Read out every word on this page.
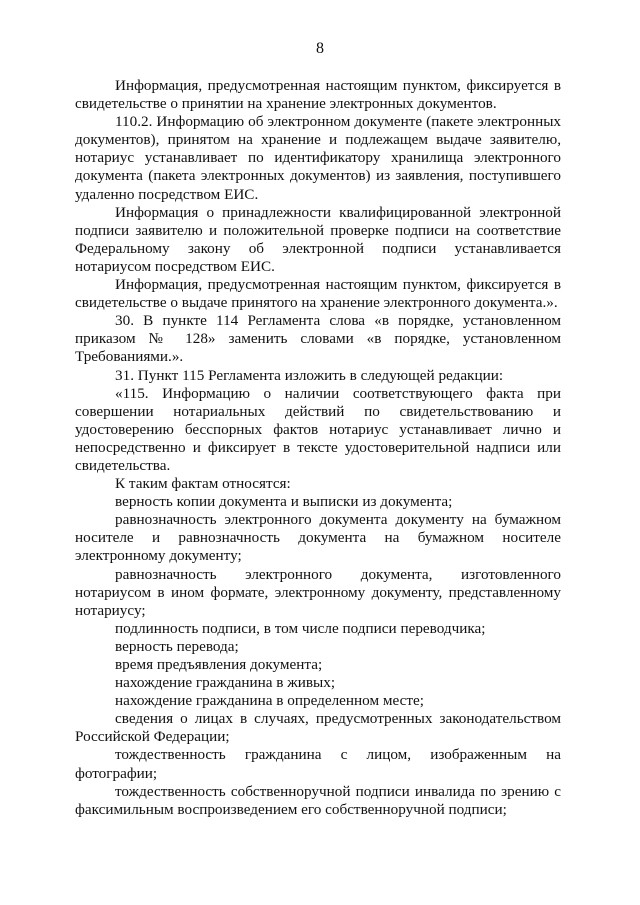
8

Информация, предусмотренная настоящим пунктом, фиксируется в свидетельстве о принятии на хранение электронных документов.

110.2. Информацию об электронном документе (пакете электронных документов), принятом на хранение и подлежащем выдаче заявителю, нотариус устанавливает по идентификатору хранилища электронного документа (пакета электронных документов) из заявления, поступившего удаленно посредством ЕИС.

Информация о принадлежности квалифицированной электронной подписи заявителю и положительной проверке подписи на соответствие Федеральному закону об электронной подписи устанавливается нотариусом посредством ЕИС.

Информация, предусмотренная настоящим пунктом, фиксируется в свидетельстве о выдаче принятого на хранение электронного документа.».

30. В пункте 114 Регламента слова «в порядке, установленном приказом № 128» заменить словами «в порядке, установленном Требованиями.».

31. Пункт 115 Регламента изложить в следующей редакции:

«115. Информацию о наличии соответствующего факта при совершении нотариальных действий по свидетельствованию и удостоверению бесспорных фактов нотариус устанавливает лично и непосредственно и фиксирует в тексте удостоверительной надписи или свидетельства.

К таким фактам относятся:

верность копии документа и выписки из документа;

равнозначность электронного документа документу на бумажном носителе и равнозначность документа на бумажном носителе электронному документу;

равнозначность электронного документа, изготовленного нотариусом в ином формате, электронному документу, представленному нотариусу;

подлинность подписи, в том числе подписи переводчика;

верность перевода;

время предъявления документа;

нахождение гражданина в живых;

нахождение гражданина в определенном месте;

сведения о лицах в случаях, предусмотренных законодательством Российской Федерации;

тождественность гражданина с лицом, изображенным на фотографии;

тождественность собственноручной подписи инвалида по зрению с факсимильным воспроизведением его собственноручной подписи;
